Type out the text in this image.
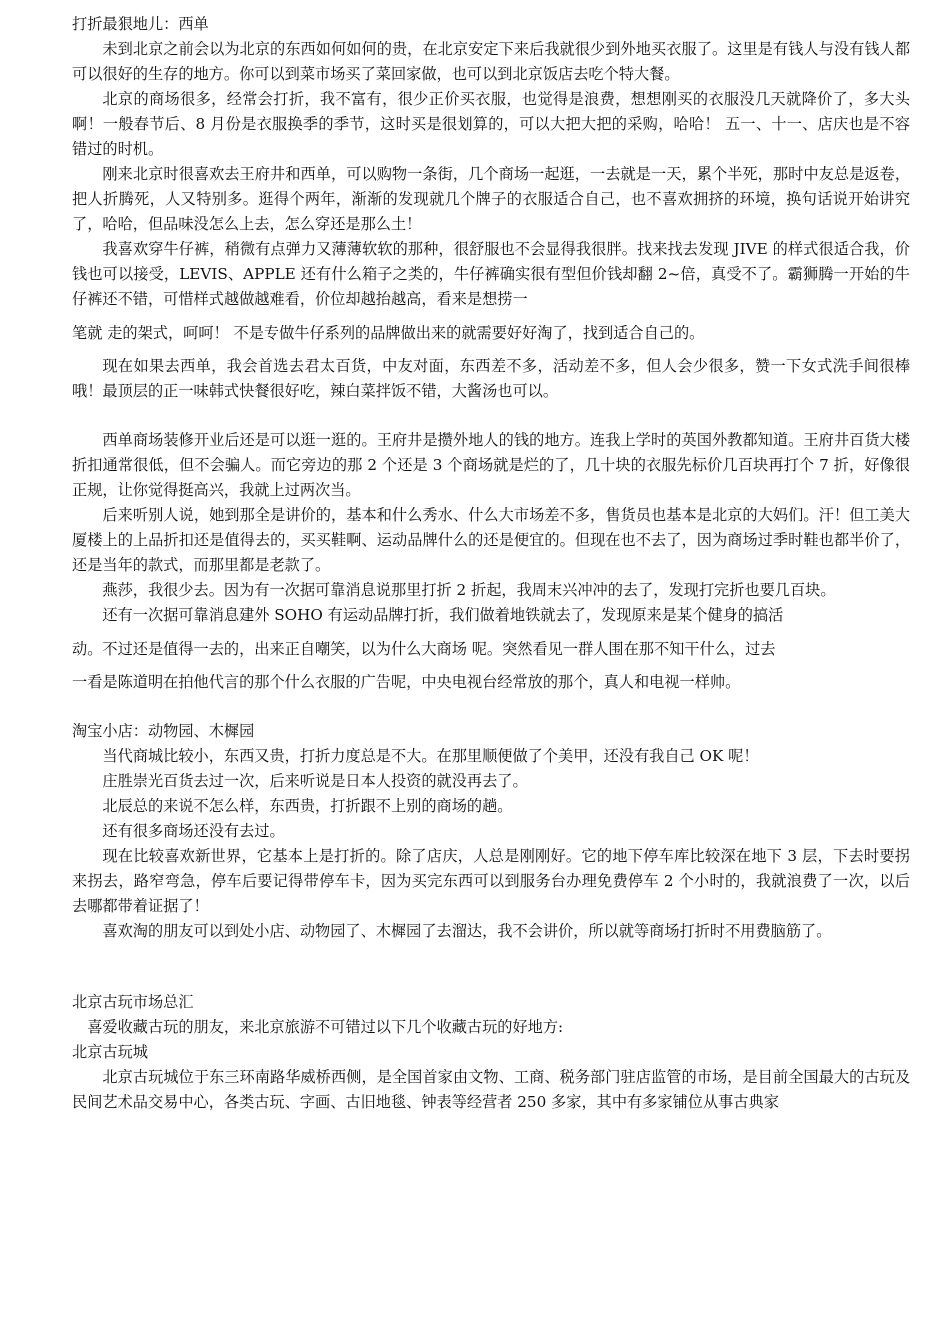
打折最狠地儿：西单

未到北京之前会以为北京的东西如何如何的贵，在北京安定下来后我就很少到外地买衣服了。这里是有钱人与没有钱人都可以很好的生存的地方。你可以到菜市场买了菜回家做，也可以到北京饭店去吃个特大餐。

北京的商场很多，经常会打折，我不富有，很少正价买衣服，也觉得是浪费，想想刚买的衣服没几天就降价了，多大头啊！一般春节后、8 月份是衣服换季的季节，这时买是很划算的，可以大把大把的采购，哈哈！ 五一、十一、店庆也是不容错过的时机。

刚来北京时很喜欢去王府井和西单，可以购物一条街，几个商场一起逛，一去就是一天，累个半死，那时中友总是返卷，把人折腾死，人又特别多。逛得个两年，渐渐的发现就几个牌子的衣服适合自己，也不喜欢拥挤的环境，换句话说开始讲究了，哈哈，但品味没怎么上去，怎么穿还是那么土！

我喜欢穿牛仔裤，稍微有点弹力又薄薄软软的那种，很舒服也不会显得我很胖。找来找去发现 JIVE 的样式很适合我，价钱也可以接受，LEVIS、APPLE 还有什么箱子之类的，牛仔裤确实很有型但价钱却翻 2~倍，真受不了。霸狮腾一开始的牛仔裤还不错，可惜样式越做越难看，价位却越抬越高，看来是想捞一

笔就 走的架式，呵呵！ 不是专做牛仔系列的品牌做出来的就需要好好淘了，找到适合自己的。

现在如果去西单，我会首选去君太百货，中友对面，东西差不多，活动差不多，但人会少很多，赞一下女式洗手间很棒哦！最顶层的正一味韩式快餐很好吃，辣白菜拌饭不错，大酱汤也可以。

西单商场装修开业后还是可以逛一逛的。王府井是攒外地人的钱的地方。连我上学时的英国外教都知道。王府井百货大楼折扣通常很低，但不会骗人。而它旁边的那 2 个还是 3 个商场就是烂的了，几十块的衣服先标价几百块再打个 7 折，好像很正规，让你觉得挺高兴，我就上过两次当。

后来听别人说，她到那全是讲价的，基本和什么秀水、什么大市场差不多，售货员也基本是北京的大妈们。汗！但工美大厦楼上的上品折扣还是值得去的，买买鞋啊、运动品牌什么的还是便宜的。但现在也不去了，因为商场过季时鞋也都半价了，还是当年的款式，而那里都是老款了。

燕莎，我很少去。因为有一次据可靠消息说那里打折 2 折起，我周末兴冲冲的去了，发现打完折也要几百块。

还有一次据可靠消息建外 SOHO 有运动品牌打折，我们做着地铁就去了，发现原来是某个健身的搞活

动。不过还是值得一去的，出来正自嘲笑，以为什么大商场 呢。突然看见一群人围在那不知干什么，过去

一看是陈道明在拍他代言的那个什么衣服的广告呢，中央电视台经常放的那个，真人和电视一样帅。

淘宝小店：动物园、木樨园

当代商城比较小，东西又贵，打折力度总是不大。在那里顺便做了个美甲，还没有我自己 OK 呢！

庄胜崇光百货去过一次，后来听说是日本人投资的就没再去了。

北辰总的来说不怎么样，东西贵，打折跟不上别的商场的趟。

还有很多商场还没有去过。

现在比较喜欢新世界，它基本上是打折的。除了店庆，人总是刚刚好。它的地下停车库比较深在地下 3 层，下去时要拐来拐去，路窄弯急，停车后要记得带停车卡，因为买完东西可以到服务台办理免费停车 2 个小时的，我就浪费了一次，以后去哪都带着证据了！

喜欢淘的朋友可以到处小店、动物园了、木樨园了去溜达，我不会讲价，所以就等商场打折时不用费脑筋了。

北京古玩市场总汇

喜爱收藏古玩的朋友，来北京旅游不可错过以下几个收藏古玩的好地方:

北京古玩城

北京古玩城位于东三环南路华威桥西侧，是全国首家由文物、工商、税务部门驻店监管的市场，是目前全国最大的古玩及民间艺术品交易中心，各类古玩、字画、古旧地毯、钟表等经营者 250 多家，其中有多家铺位从事古典家
